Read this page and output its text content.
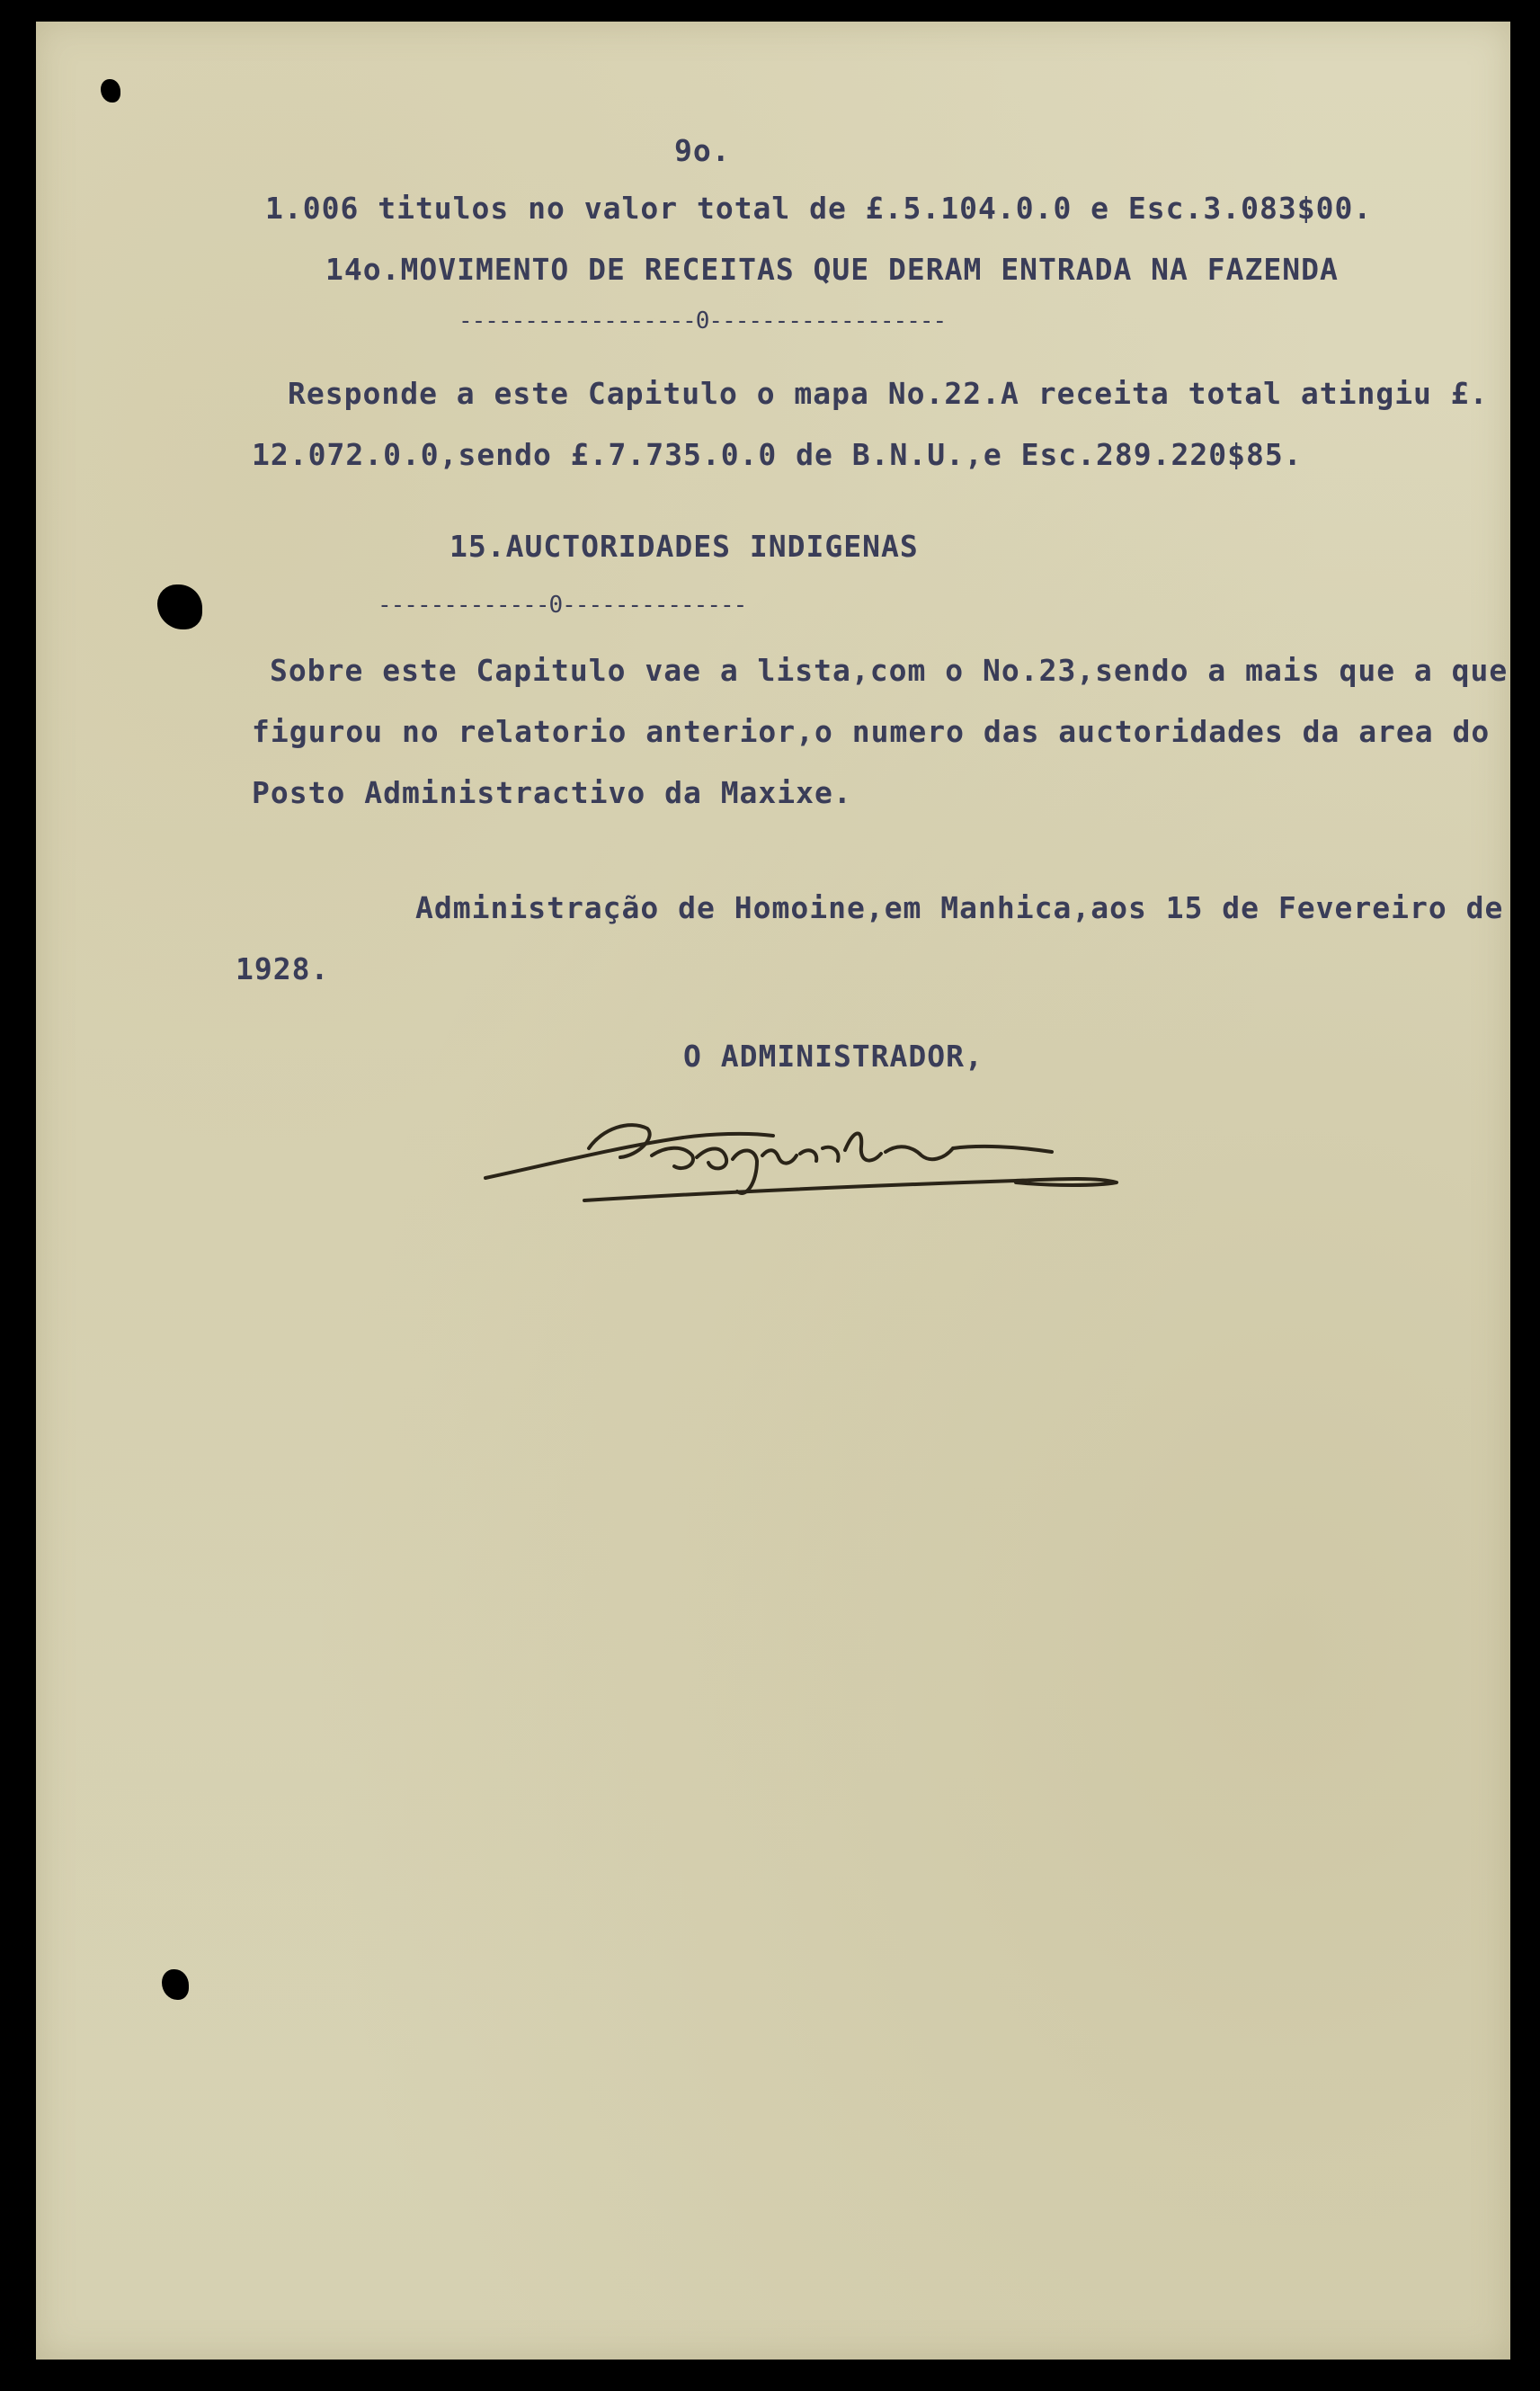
9o.
1.006 titulos no valor total de £.5.104.0.0 e Esc.3.083$00.
14o.MOVIMENTO DE RECEITAS QUE DERAM ENTRADA NA FAZENDA
------------------0------------------
Responde a este Capitulo o mapa No.22.A receita total atingiu £.
12.072.0.0,sendo £.7.735.0.0 de B.N.U.,e Esc.289.220$85.
15.AUCTORIDADES INDIGENAS
-------------0--------------
Sobre este Capitulo vae a lista,com o No.23,sendo a mais que a que
figurou no relatorio anterior,o numero das auctoridades da area do
Posto Administractivo da Maxixe.
Administração de Homoine,em Manhica,aos 15 de Fevereiro de
1928.
O ADMINISTRADOR,
